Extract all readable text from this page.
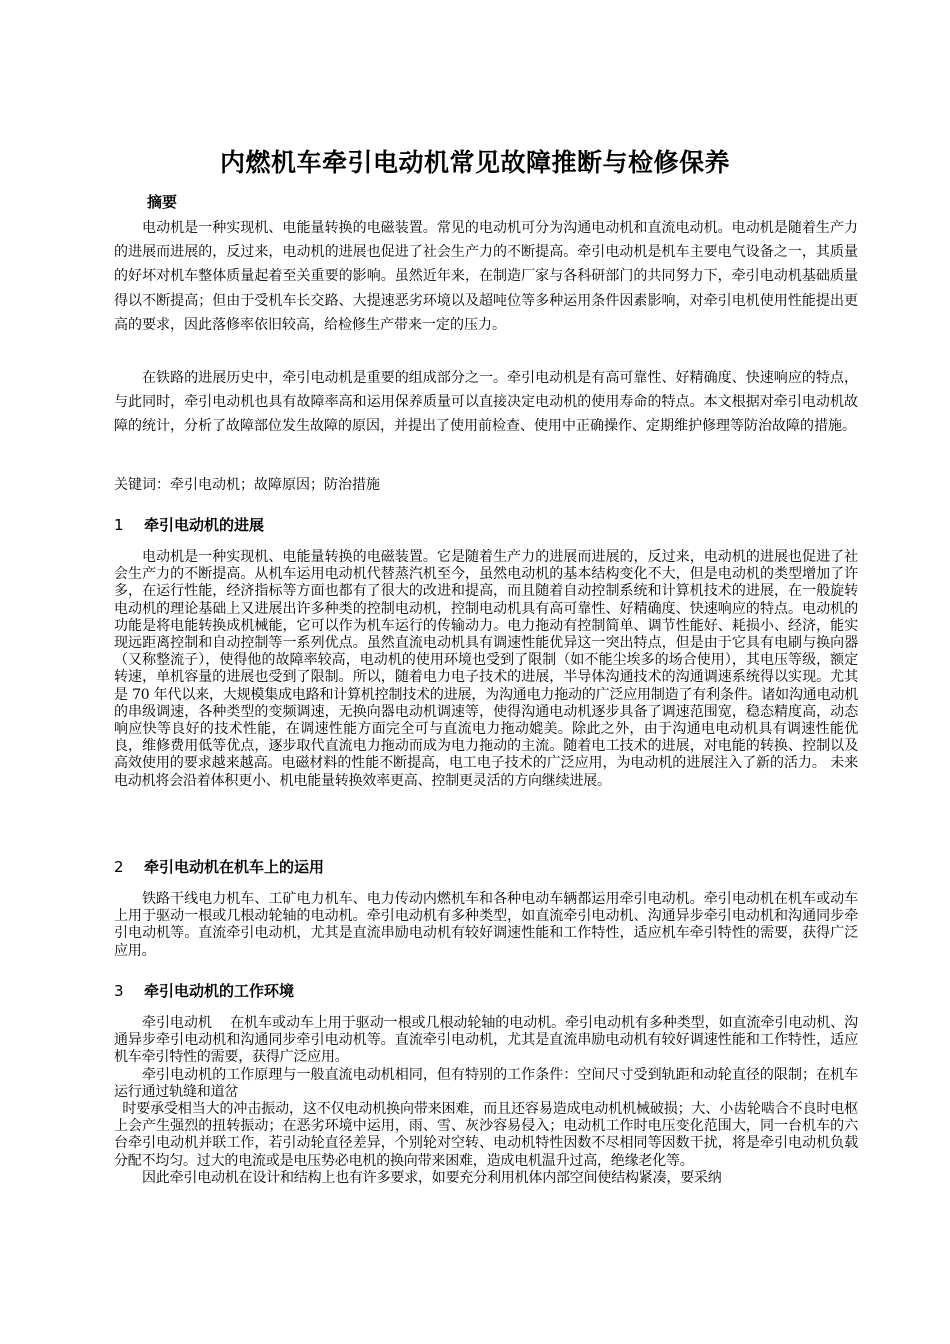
内燃机车牵引电动机常见故障推断与检修保养
摘要

电动机是一种实现机、电能量转换的电磁装置。常见的电动机可分为沟通电动机和直流电动机。电动机是随着生产力的进展而进展的，反过来，电动机的进展也促进了社会生产力的不断提高。牵引电动机是机车主要电气设备之一，其质量的好坏对机车整体质量起着至关重要的影响。虽然近年来，在制造厂家与各科研部门的共同努力下，牵引电动机基础质量得以不断提高；但由于受机车长交路、大提速恶劣环境以及超吨位等多种运用条件因素影响，对牵引电机使用性能提出更高的要求，因此落修率依旧较高，给检修生产带来一定的压力。

在铁路的进展历史中，牵引电动机是重要的组成部分之一。牵引电动机是有高可靠性、好精确度、快速响应的特点，与此同时，牵引电动机也具有故障率高和运用保养质量可以直接决定电动机的使用寿命的特点。本文根据对牵引电动机故障的统计，分析了故障部位发生故障的原因，并提出了使用前检查、使用中正确操作、定期维护修理等防治故障的措施。

关键词：牵引电动机；故障原因；防治措施
1 牵引电动机的进展

电动机是一种实现机、电能量转换的电磁装置。它是随着生产力的进展而进展的，反过来，电动机的进展也促进了社会生产力的不断提高。从机车运用电动机代替蒸汽机至今，虽然电动机的基本结构变化不大，但是电动机的类型增加了许多，在运行性能，经济指标等方面也都有了很大的改进和提高，而且随着自动控制系统和计算机技术的进展，在一般旋转电动机的理论基础上又进展出许多种类的控制电动机，控制电动机具有高可靠性、好精确度、快速响应的特点。电动机的功能是将电能转换成机械能，它可以作为机车运行的传输动力。电力拖动有控制简单、调节性能好、耗损小、经济，能实现远距离控制和自动控制等一系列优点。虽然直流电动机具有调速性能优异这一突出特点，但是由于它具有电刷与换向器（又称整流子），使得他的故障率较高，电动机的使用环境也受到了限制（如不能尘埃多的场合使用），其电压等级，额定转速，单机容量的进展也受到了限制。所以，随着电力电子技术的进展，半导体沟通技术的沟通调速系统得以实现。尤其是 70 年代以来，大规模集成电路和计算机控制技术的进展，为沟通电力拖动的广泛应用制造了有利条件。诸如沟通电动机的串级调速，各种类型的变频调速，无换向器电动机调速等，使得沟通电动机逐步具备了调速范围宽，稳态精度高，动态响应快等良好的技术性能，在调速性能方面完全可与直流电力拖动媲美。除此之外，由于沟通电电动机具有调速性能优良，维修费用低等优点，逐步取代直流电力拖动而成为电力拖动的主流。随着电工技术的进展，对电能的转换、控制以及高效使用的要求越来越高。电磁材料的性能不断提高，电工电子技术的广泛应用，为电动机的进展注入了新的活力。 未来电动机将会沿着体积更小、机电能量转换效率更高、控制更灵活的方向继续进展。

2 牵引电动机在机车上的运用

铁路干线电力机车、工矿电力机车、电力传动内燃机车和各种电动车辆都运用牵引电动机。牵引电动机在机车或动车上用于驱动一根或几根动轮轴的电动机。牵引电动机有多种类型，如直流牵引电动机、沟通异步牵引电动机和沟通同步牵引电动机等。直流牵引电动机，尤其是直流串励电动机有较好调速性能和工作特性，适应机车牵引特性的需要，获得广泛应用。

3 牵引电动机的工作环境

牵引电动机　 在机车或动车上用于驱动一根或几根动轮轴的电动机。牵引电动机有多种类型，如直流牵引电动机、沟通异步牵引电动机和沟通同步牵引电动机等。直流牵引电动机，尤其是直流串励电动机有较好调速性能和工作特性，适应机车牵引特性的需要，获得广泛应用。

牵引电动机的工作原理与一般直流电动机相同，但有特别的工作条件：空间尺寸受到轨距和动轮直径的限制；在机车运行通过轨缝和道岔

时要承受相当大的冲击振动，这不仅电动机换向带来困难，而且还容易造成电动机机械破损；大、小齿轮啮合不良时电枢上会产生强烈的扭转振动；在恶劣环境中运用，雨、雪、灰沙容易侵入；电动机工作时电压变化范围大，同一台机车的六台牵引电动机并联工作，若引动轮直径差异，个别轮对空转、电动机特性因数不尽相同等因数干扰，将是牵引电动机负载分配不均匀。过大的电流或是电压势必电机的换向带来困难，造成电机温升过高，绝缘老化等。

因此牵引电动机在设计和结构上也有许多要求，如要充分利用机体内部空间使结构紧凑，要采纳
